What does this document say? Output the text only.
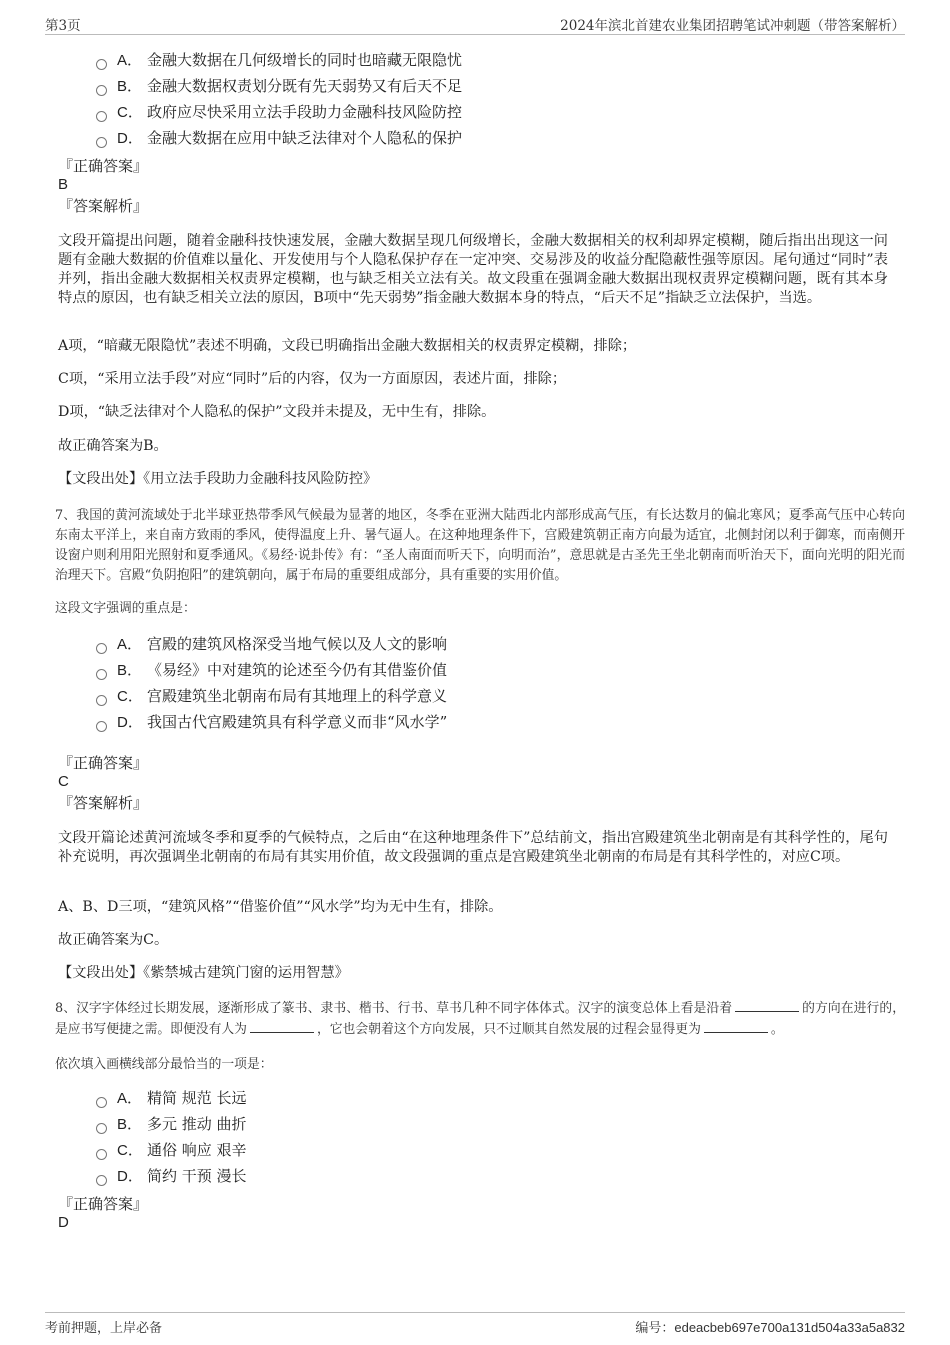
第3页	2024年滨北首建农业集团招聘笔试冲刺题（带答案解析）
A． 金融大数据在几何级增长的同时也暗藏无限隐忧
B． 金融大数据权责划分既有先天弱势又有后天不足
C． 政府应尽快采用立法手段助力金融科技风险防控
D． 金融大数据在应用中缺乏法律对个人隐私的保护
『正确答案』
B
『答案解析』
文段开篇提出问题，随着金融科技快速发展，金融大数据呈现几何级增长，金融大数据相关的权利却界定模糊，随后指出出现这一问题有金融大数据的价值难以量化、开发使用与个人隐私保护存在一定冲突、交易涉及的收益分配隐蔽性强等原因。尾句通过“同时”表并列，指出金融大数据相关权责界定模糊，也与缺乏相关立法有关。故文段重在强调金融大数据出现权责界定模糊问题，既有其本身特点的原因，也有缺乏相关立法的原因，B项中“先天弱势”指金融大数据本身的特点，“后天不足”指缺乏立法保护，当选。
A项，“暗藏无限隐忧”表述不明确，文段已明确指出金融大数据相关的权责界定模糊，排除；
C项，“采用立法手段”对应“同时”后的内容，仅为一方面原因，表述片面，排除；
D项，“缺乏法律对个人隐私的保护”文段并未提及，无中生有，排除。
故正确答案为B。
【文段出处】《用立法手段助力金融科技风险防控》
7、我国的黄河流域处于北半球亚热带季风气候最为显著的地区，冬季在亚洲大陆西北内部形成高气压，有长达数月的偏北寒风；夏季高气压中心转向东南太平洋上，来自南方致雨的季风，使得温度上升、暑气逼人。在这种地理条件下，宫殿建筑朝正南方向最为适宜，北侧封闭以利于御寒，而南侧开设窗户则利用阳光照射和夏季通风。《易经·说卦传》有：“圣人南面而听天下，向明而治”，意思就是古圣先王坐北朝南而听治天下，面向光明的阳光而治理天下。宫殿“负阴抱阳”的建筑朝向，属于布局的重要组成部分，具有重要的实用价值。
这段文字强调的重点是：
A． 宫殿的建筑风格深受当地气候以及人文的影响
B． 《易经》中对建筑的论述至今仍有其借鉴价值
C． 宫殿建筑坐北朝南布局有其地理上的科学意义
D． 我国古代宫殿建筑具有科学意义而非“风水学”
『正确答案』
C
『答案解析』
文段开篇论述黄河流域冬季和夏季的气候特点，之后由“在这种地理条件下”总结前文，指出宫殿建筑坐北朝南是有其科学性的，尾句补充说明，再次强调坐北朝南的布局有其实用价值，故文段强调的重点是宫殿建筑坐北朝南的布局是有其科学性的，对应C项。
A、B、D三项，“建筑风格”“借鉴价值”“风水学”均为无中生有，排除。
故正确答案为C。
【文段出处】《紫禁城古建筑门窗的运用智慧》
8、汉字字体经过长期发展，逐渐形成了篆书、隶书、楷书、行书、草书几种不同字体体式。汉字的演变总体上看是沿着	的方向在进行的，是应书写便捷之需。即便没有人为	，它也会朝着这个方向发展，只不过顺其自然发展的过程会显得更为	。
依次填入画横线部分最恰当的一项是：
A． 精简 规范 长远
B． 多元 推动 曲折
C． 通俗 响应 艰辛
D． 简约 干预 漫长
『正确答案』
D
考前押题，上岸必备	编号：edeacbeb697e700a131d504a33a5a832
